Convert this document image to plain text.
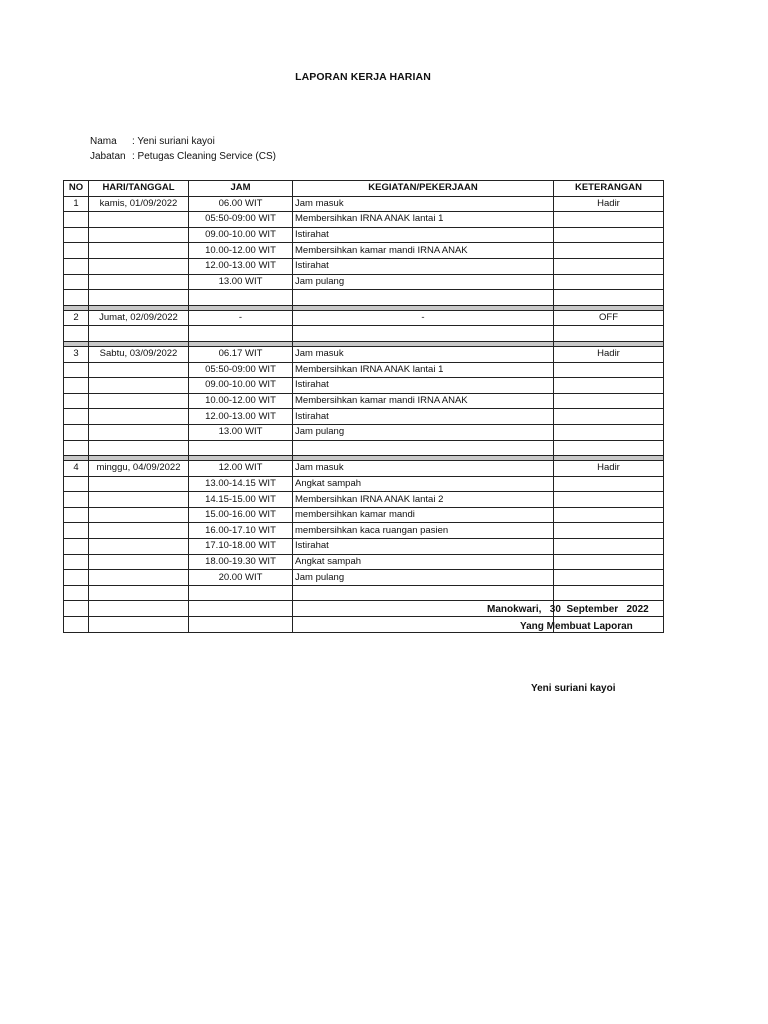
LAPORAN KERJA HARIAN
Nama : Yeni suriani kayoi
Jabatan : Petugas Cleaning Service (CS)
NO	HARI/TANGGAL	JAM	KEGIATAN/PEKERJAAN	KETERANGAN
1	kamis, 01/09/2022	06.00 WIT	Jam masuk	Hadir
		05:50-09:00 WIT	Membersihkan IRNA ANAK lantai 1	
		09.00-10.00 WIT	Istirahat	
		10.00-12.00 WIT	Membersihkan kamar mandi IRNA ANAK	
		12.00-13.00 WIT	Istirahat	
		13.00 WIT	Jam pulang	

2	Jumat, 02/09/2022	-	-	OFF

3	Sabtu, 03/09/2022	06.17 WIT	Jam masuk	Hadir
		05:50-09:00 WIT	Membersihkan IRNA ANAK lantai 1	
		09.00-10.00 WIT	Istirahat	
		10.00-12.00 WIT	Membersihkan kamar mandi IRNA ANAK	
		12.00-13.00 WIT	Istirahat	
		13.00 WIT	Jam pulang	

4	minggu, 04/09/2022	12.00 WIT	Jam masuk	Hadir
		13.00-14.15 WIT	Angkat sampah	
		14.15-15.00 WIT	Membersihkan IRNA ANAK lantai 2	
		15.00-16.00 WIT	membersihkan kamar mandi	
		16.00-17.10 WIT	membersihkan kaca ruangan pasien	
		17.10-18.00 WIT	Istirahat	
		18.00-19.30 WIT	Angkat sampah	
		20.00 WIT	Jam pulang	

Manokwari,   30  September   2022
Yang Membuat Laporan
Yeni suriani kayoi
